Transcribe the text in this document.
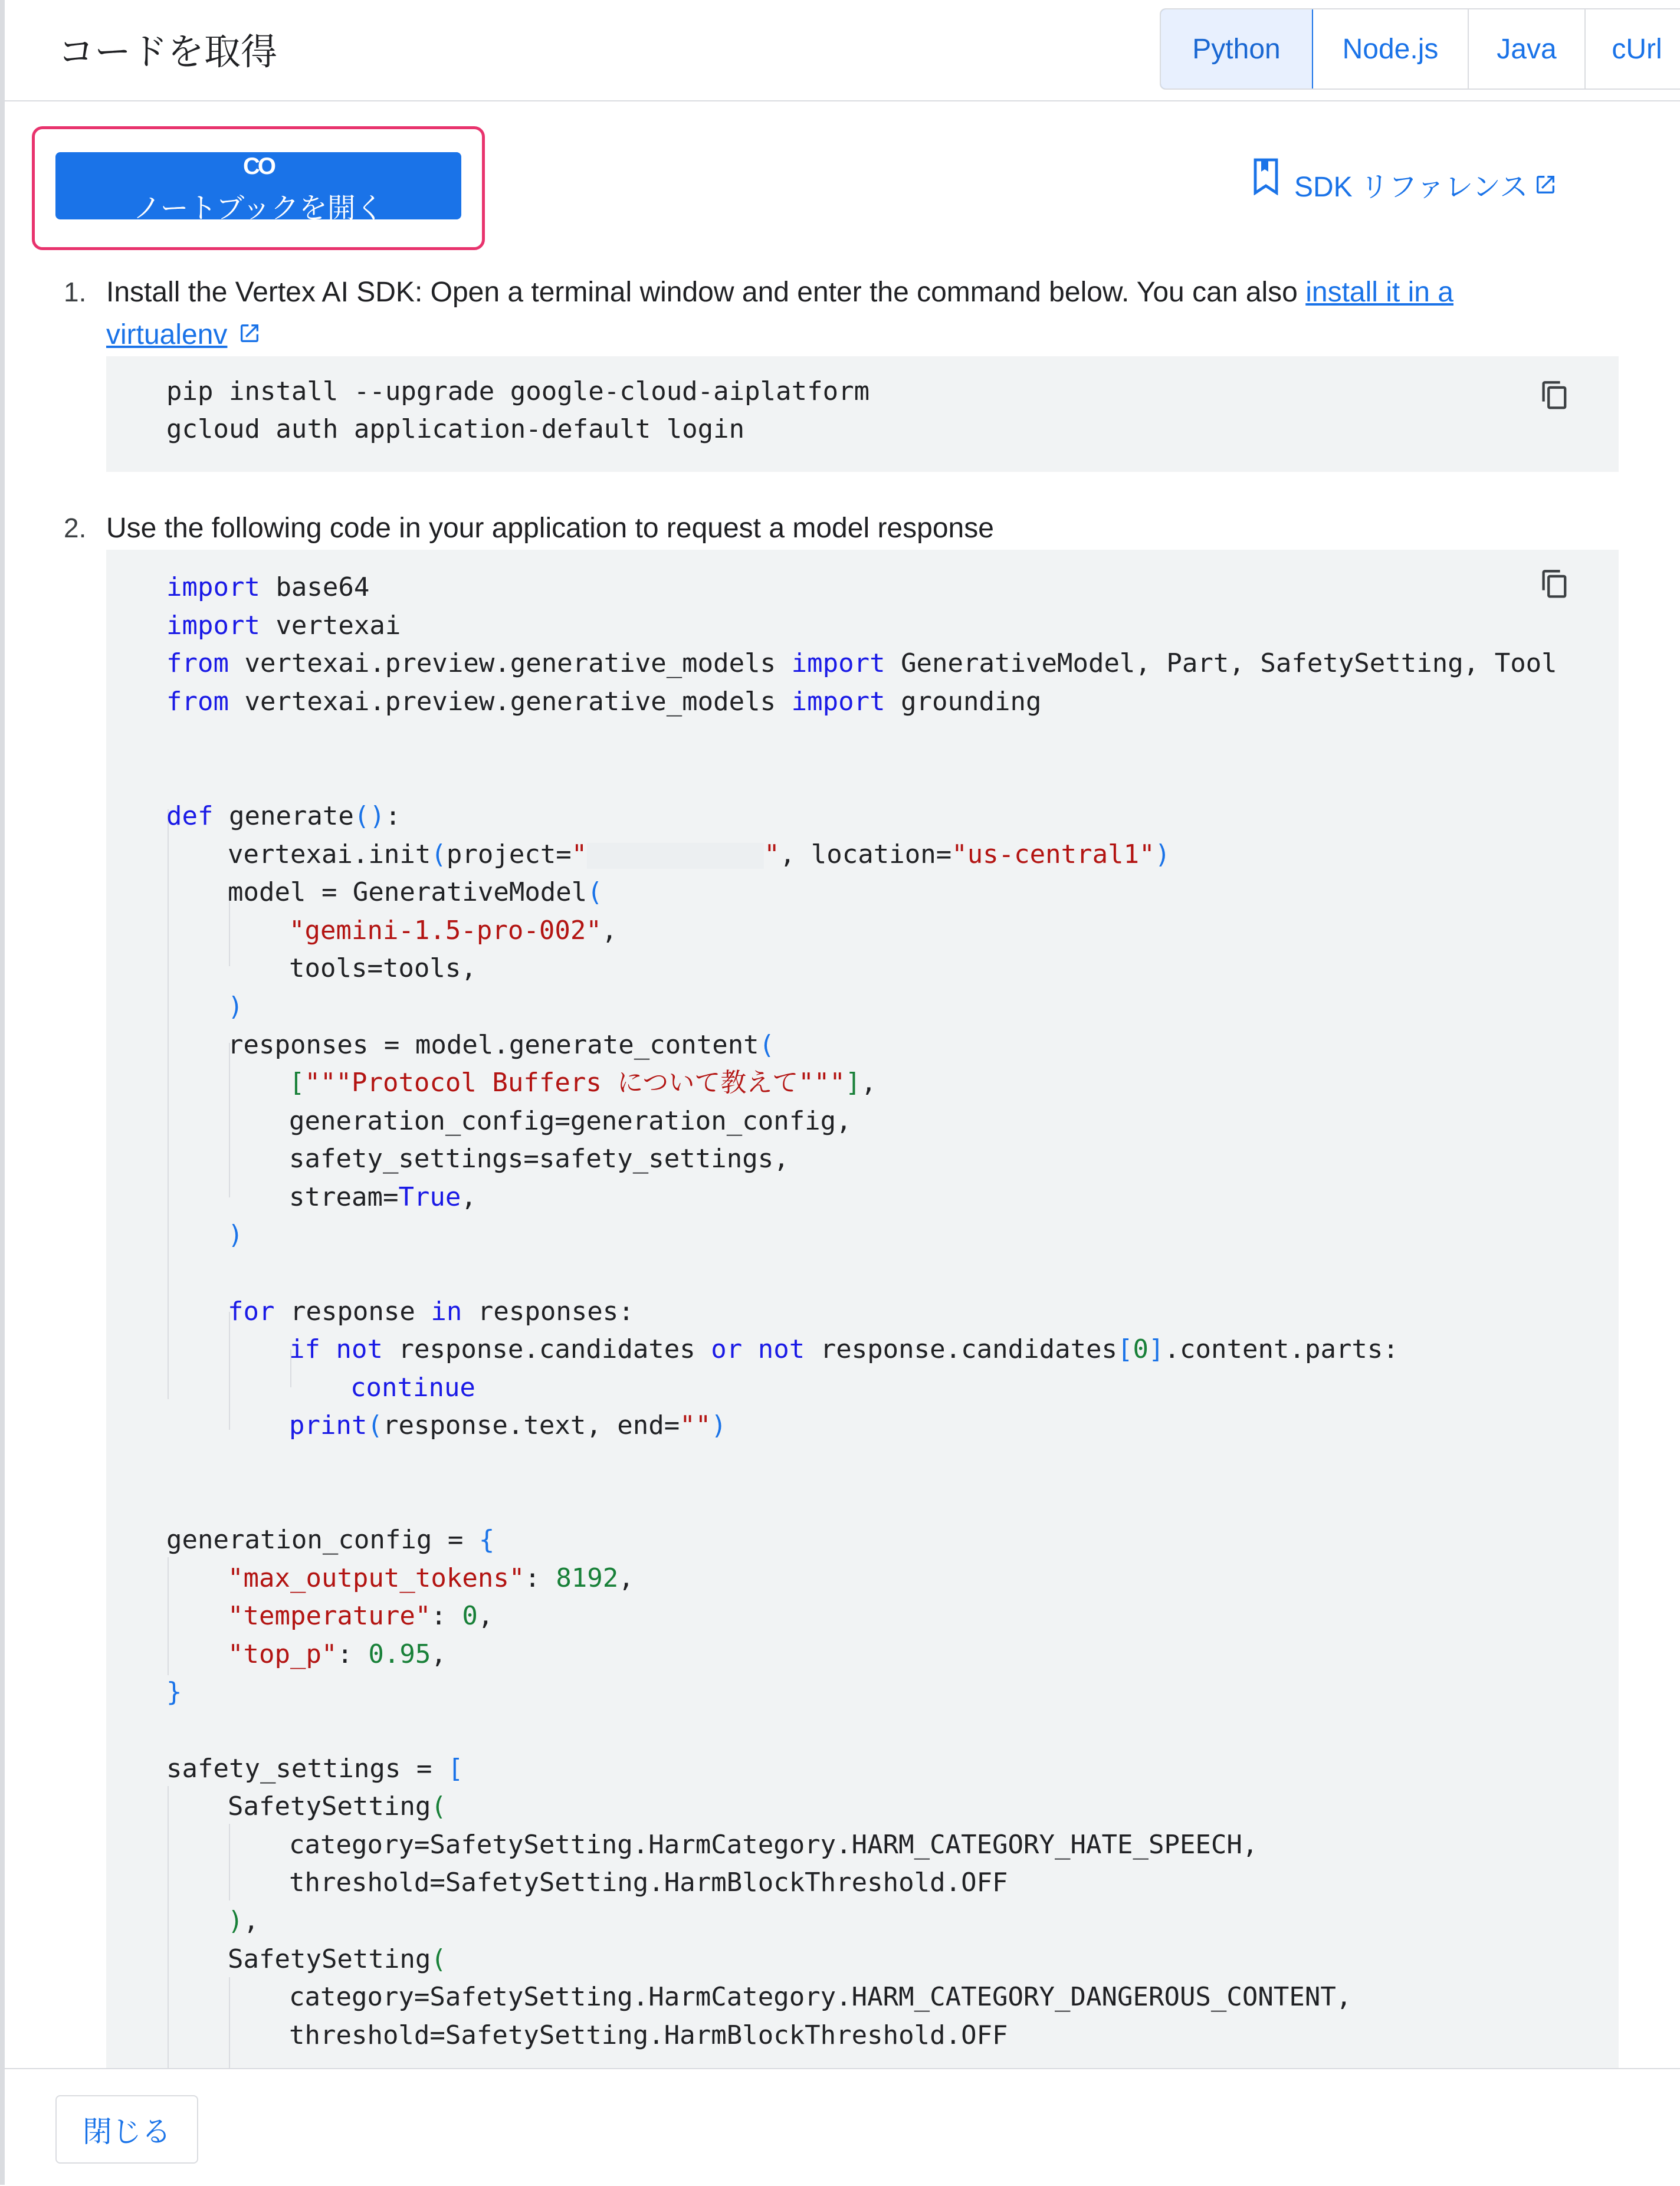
コードを取得	Python	Node.js	Java	cUrl
CO
ノートブックを開く
SDK リファレンス
1. Install the Vertex AI SDK: Open a terminal window and enter the command below. You can also install it in a
virtualenv
pip install --upgrade google-cloud-aiplatform
gcloud auth application-default login
2. Use the following code in your application to request a model response
import base64
import vertexai
from vertexai.preview.generative_models import GenerativeModel, Part, SafetySetting, Tool
from vertexai.preview.generative_models import grounding
def generate():
vertexai.init(project="	", location="us-central1")
model = GenerativeModel(
"gemini-1.5-pro-002",
tools=tools,
)
responses = model.generate_content(
["""Protocol Buffers について教えて"""],
generation_config=generation_config,
safety_settings=safety_settings,
stream=True,
)
for response in responses:
if not response.candidates or not response.candidates[0].content.parts:
continue
print(response.text, end="")
generation_config = {
"max_output_tokens": 8192,
"temperature": 0,
"top_p": 0.95,
}
safety_settings = [
SafetySetting(
category=SafetySetting.HarmCategory.HARM_CATEGORY_HATE_SPEECH,
threshold=SafetySetting.HarmBlockThreshold.OFF
),
SafetySetting(
category=SafetySetting.HarmCategory.HARM_CATEGORY_DANGEROUS_CONTENT,
threshold=SafetySetting.HarmBlockThreshold.OFF
閉じる
